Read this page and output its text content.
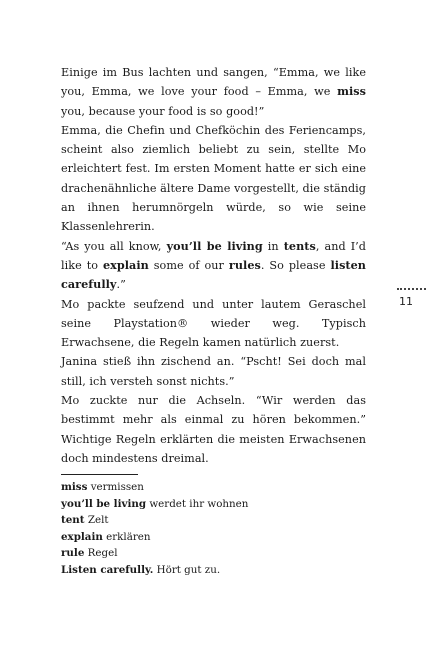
Einige im Bus lachten und sangen, “Emma, we like you, Emma, we love your food – Emma, we miss you, because your food is so good!”

Emma, die Chefin und Chefköchin des Feriencamps, scheint also ziemlich beliebt zu sein, stellte Mo erleichtert fest. Im ersten Moment hatte er sich eine drachenähnliche ältere Dame vorgestellt, die ständig an ihnen herumnörgeln würde, so wie seine Klassenlehrerin.

“As you all know, you’ll be living in tents, and I’d like to explain some of our rules. So please listen carefully.”

Mo packte seufzend und unter lautem Geraschel seine Playstation® wieder weg. Typisch Erwachsene, die Regeln kamen natürlich zuerst.

Janina stieß ihn zischend an. “Pscht! Sei doch mal still, ich versteh sonst nichts.”

Mo zuckte nur die Achseln. “Wir werden das bestimmt mehr als einmal zu hören bekommen.” Wichtige Regeln erklärten die meisten Erwachsenen doch mindestens dreimal.

11

miss vermissen

you’ll be living werdet ihr wohnen

tent Zelt

explain erklären

rule Regel

Listen carefully. Hört gut zu.
